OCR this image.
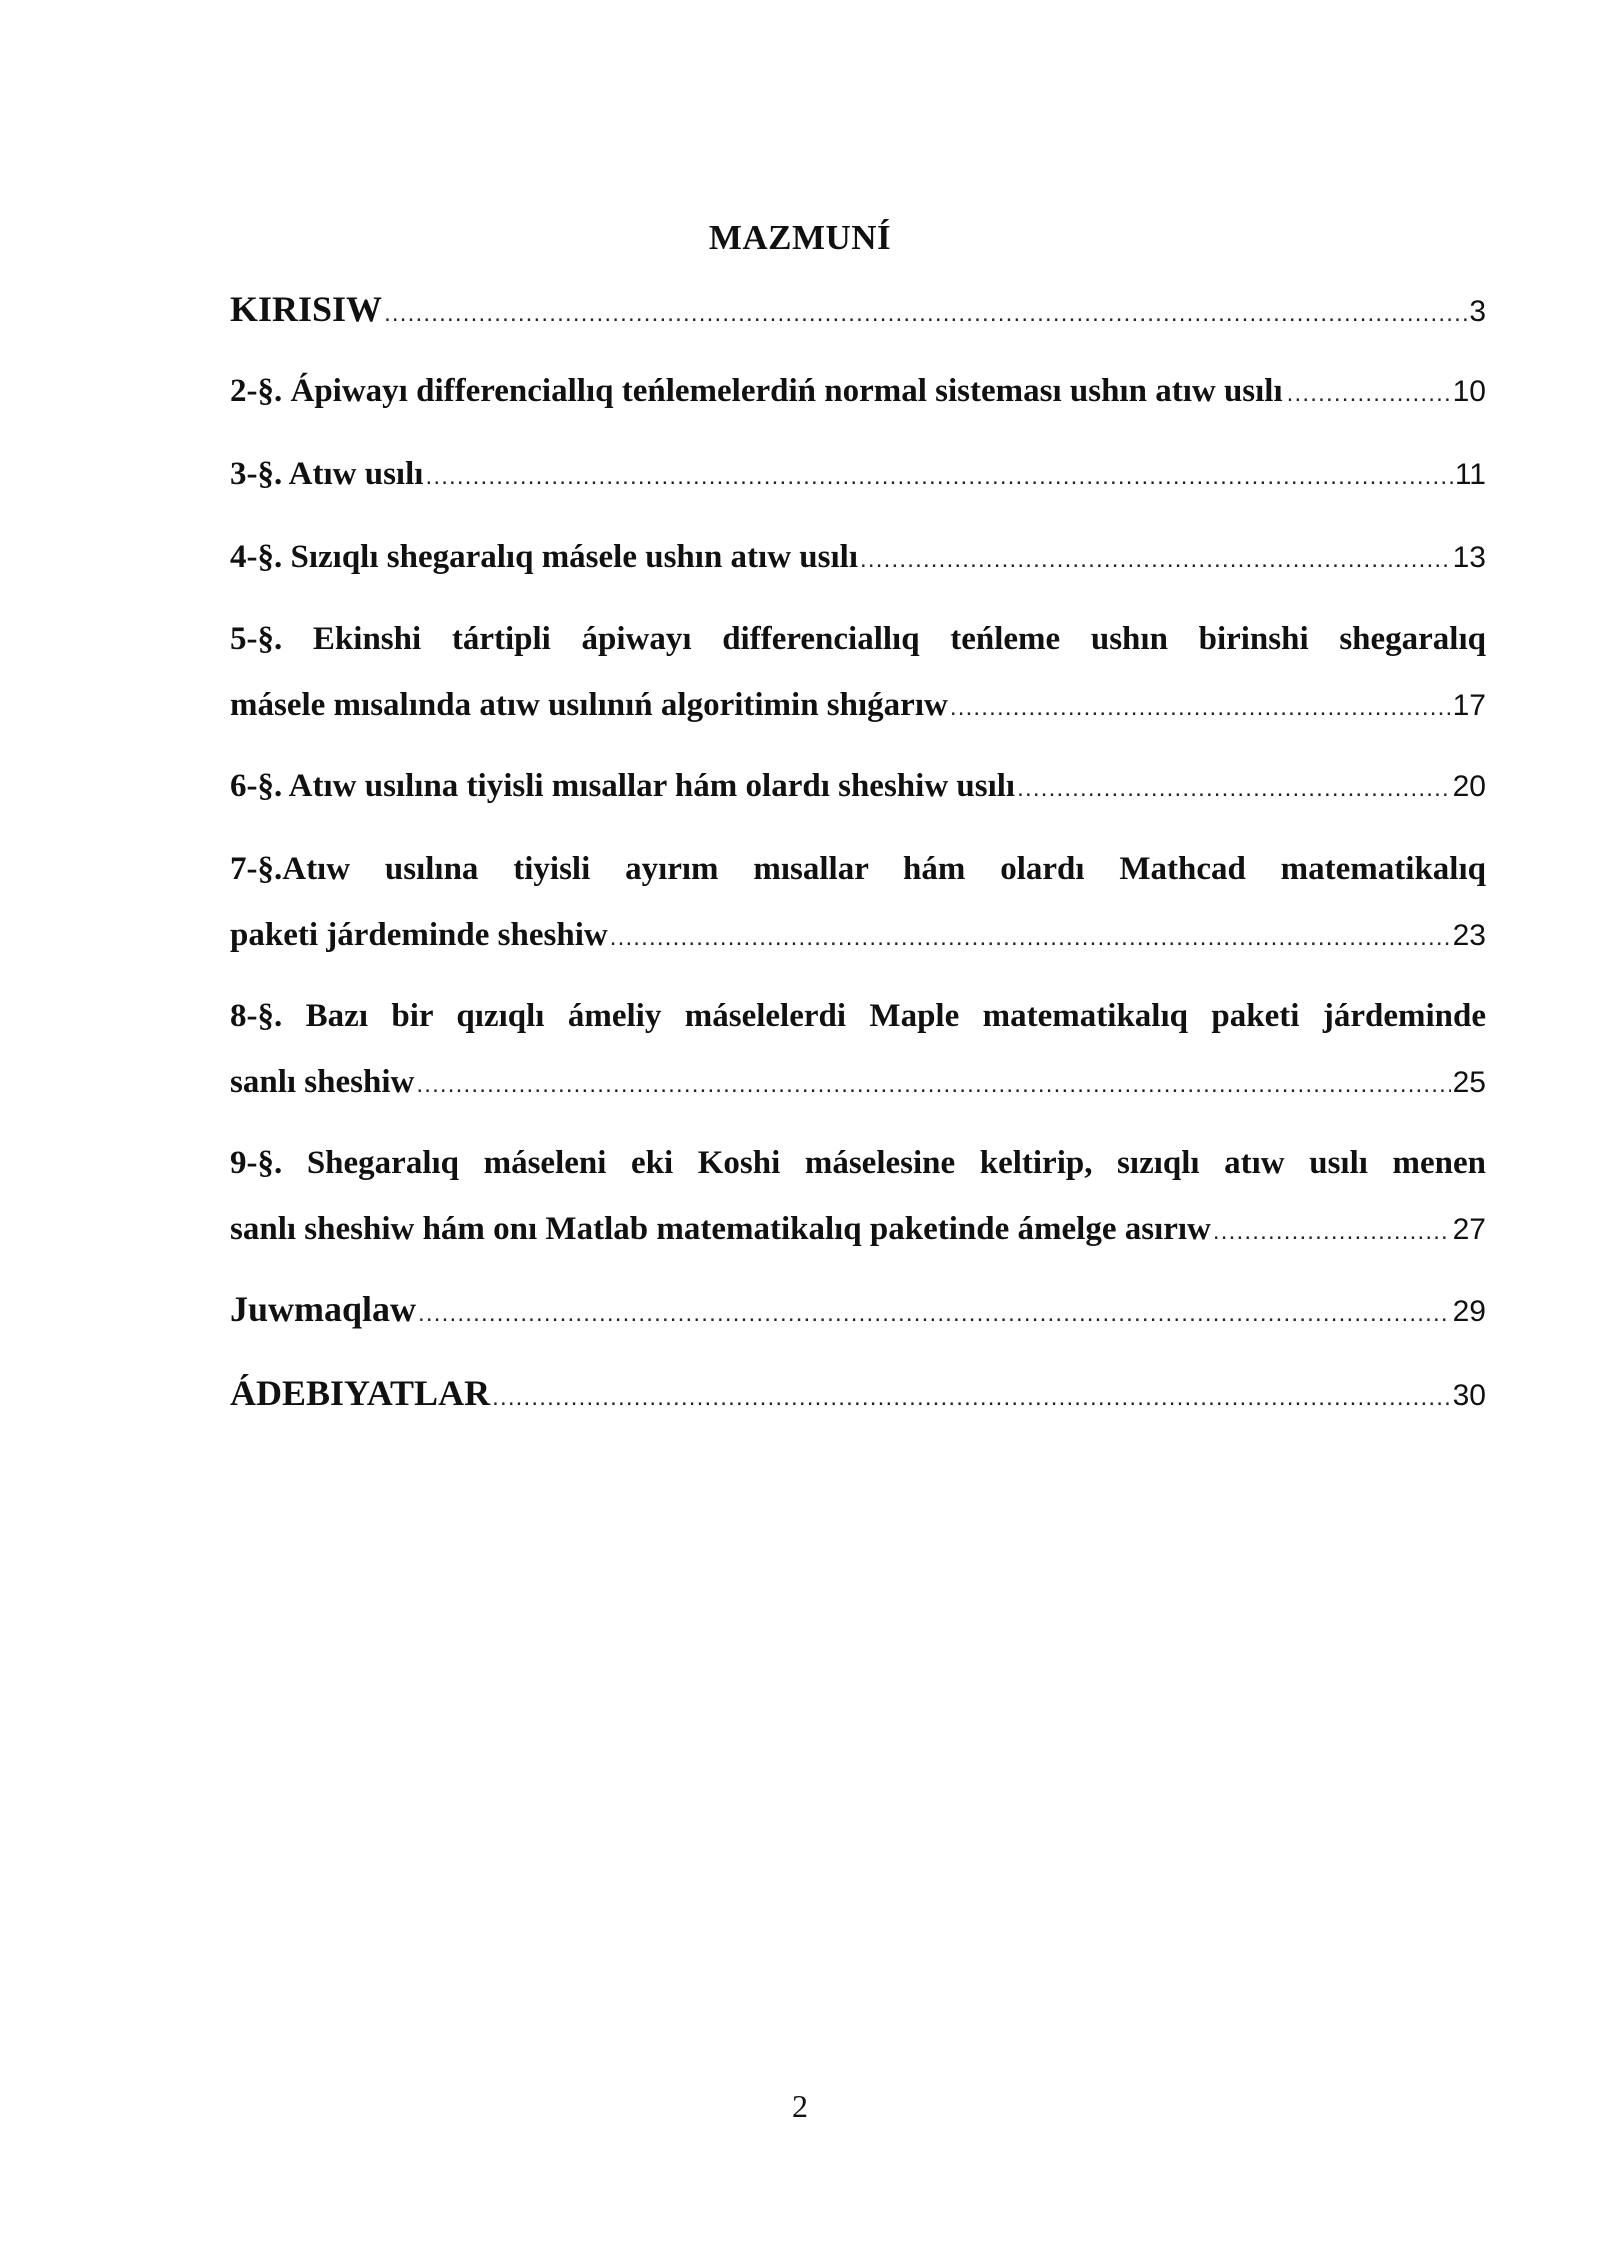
MAZMUNÍ
KIRISIW .....	3
2-§. Ápiwayı differenciallıq teńlemelerdiń normal sisteması ushın atıw usılı .....	10
3-§. Atıw usılı .....	11
4-§. Sızıqlı shegaralıq másele ushın atıw usılı .....	13
5-§. Ekinshi tártipli ápiwayı differenciallıq teńleme ushın birinshi shegaralıq
másele mısalında atıw usılınıń algoritimin shıǵarıw .....	17
6-§. Atıw usılına tiyisli mısallar hám olardı sheshiw usılı .....	20
7-§.Atıw usılına tiyisli ayırım mısallar hám olardı Mathcad matematikalıq
paketi járdeminde sheshiw .....	23
8-§. Bazı bir qızıqlı ámeliy máselelerdi Maple matematikalıq paketi járdeminde
sanlı sheshiw .....	25
9-§. Shegaralıq máseleni eki Koshi máselesine keltirip, sızıqlı atıw usılı menen
sanlı sheshiw hám onı Matlab matematikalıq paketinde ámelge asırıw .....	27
Juwmaqlaw .....	29
ÁDEBIYATLAR .....	30
2
